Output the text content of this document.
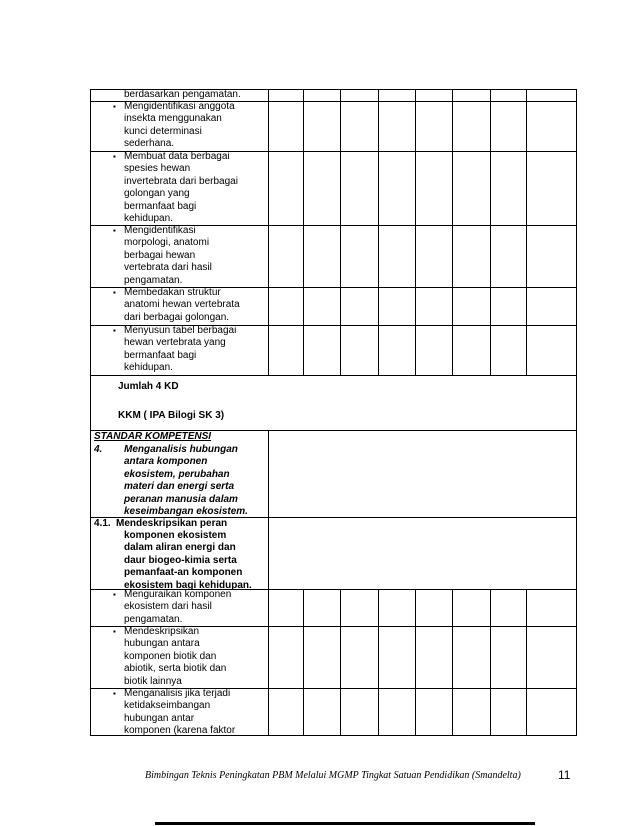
berdasarkan pengamatan.
▪ Mengidentifikasi anggota
insekta menggunakan
kunci determinasi
sederhana.
▪ Membuat data berbagai
spesies hewan
invertebrata dari berbagai
golongan yang
bermanfaat bagi
kehidupan.
▪ Mengidentifikasi
morpologi, anatomi
berbagai hewan
vertebrata dari hasil
pengamatan.
▪ Membedakan struktur
anatomi hewan vertebrata
dari berbagai golongan.
▪ Menyusun tabel berbagai
hewan vertebrata yang
bermanfaat bagi
kehidupan.
Jumlah 4 KD
KKM ( IPA Bilogi SK 3)
STANDAR KOMPETENSI
4. Menganalisis hubungan
antara komponen
ekosistem, perubahan
materi dan energi serta
peranan manusia dalam
keseimbangan ekosistem.
4.1. Mendeskripsikan peran
komponen ekosistem
dalam aliran energi dan
daur biogeo-kimia serta
pemanfaat-an komponen
ekosistem bagi kehidupan.
▪ Menguraikan komponen
ekosistem dari hasil
pengamatan.
▪ Mendeskripsikan
hubungan antara
komponen biotik dan
abiotik, serta biotik dan
biotik lainnya
▪ Menganalisis jika terjadi
ketidakseimbangan
hubungan antar
komponen (karena faktor
Bimbingan Teknis Peningkatan PBM Melalui MGMP Tingkat Satuan Pendidikan (Smandelta)	11
